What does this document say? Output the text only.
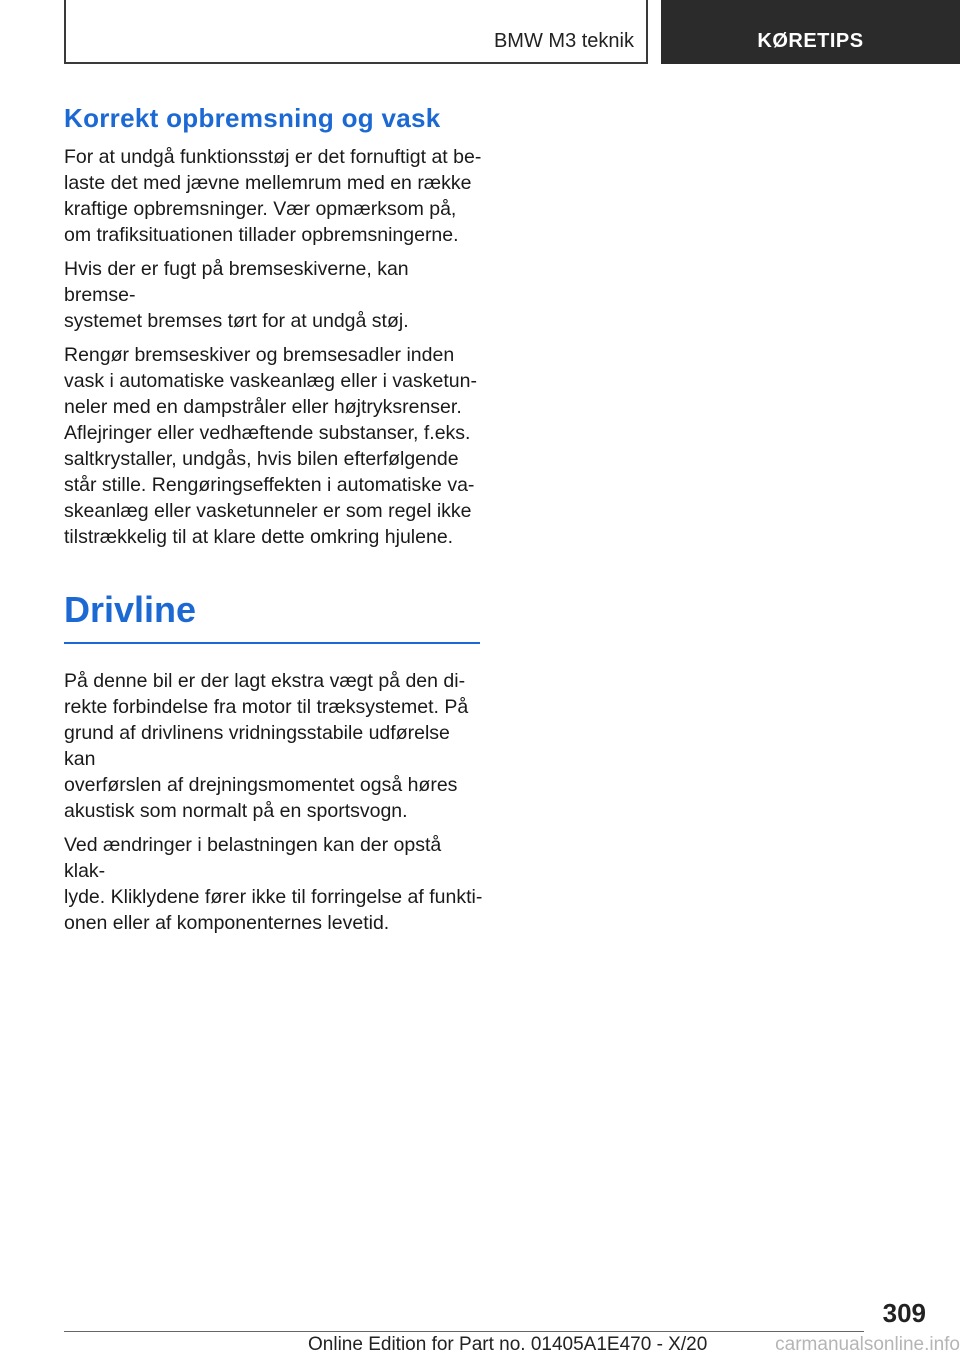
BMW M3 teknik	KØRETIPS
Korrekt opbremsning og vask

For at undgå funktionsstøj er det fornuftigt at be-
laste det med jævne mellemrum med en række
kraftige opbremsninger. Vær opmærksom på,
om trafiksituationen tillader opbremsningerne.

Hvis der er fugt på bremseskiverne, kan bremse-
systemet bremses tørt for at undgå støj.

Rengør bremseskiver og bremsesadler inden
vask i automatiske vaskeanlæg eller i vasketun-
neler med en dampstråler eller højtryksrenser.
Aflejringer eller vedhæftende substanser, f.eks.
saltkrystaller, undgås, hvis bilen efterfølgende
står stille. Rengøringseffekten i automatiske va-
skeanlæg eller vasketunneler er som regel ikke
tilstrækkelig til at klare dette omkring hjulene.

Drivline

På denne bil er der lagt ekstra vægt på den di-
rekte forbindelse fra motor til træksystemet. På
grund af drivlinens vridningsstabile udførelse kan
overførslen af drejningsmomentet også høres
akustisk som normalt på en sportsvogn.

Ved ændringer i belastningen kan der opstå klak-
lyde. Kliklydene fører ikke til forringelse af funkti-
onen eller af komponenternes levetid.

309
Online Edition for Part no. 01405A1E470 - X/20	carmanualsonline.info
